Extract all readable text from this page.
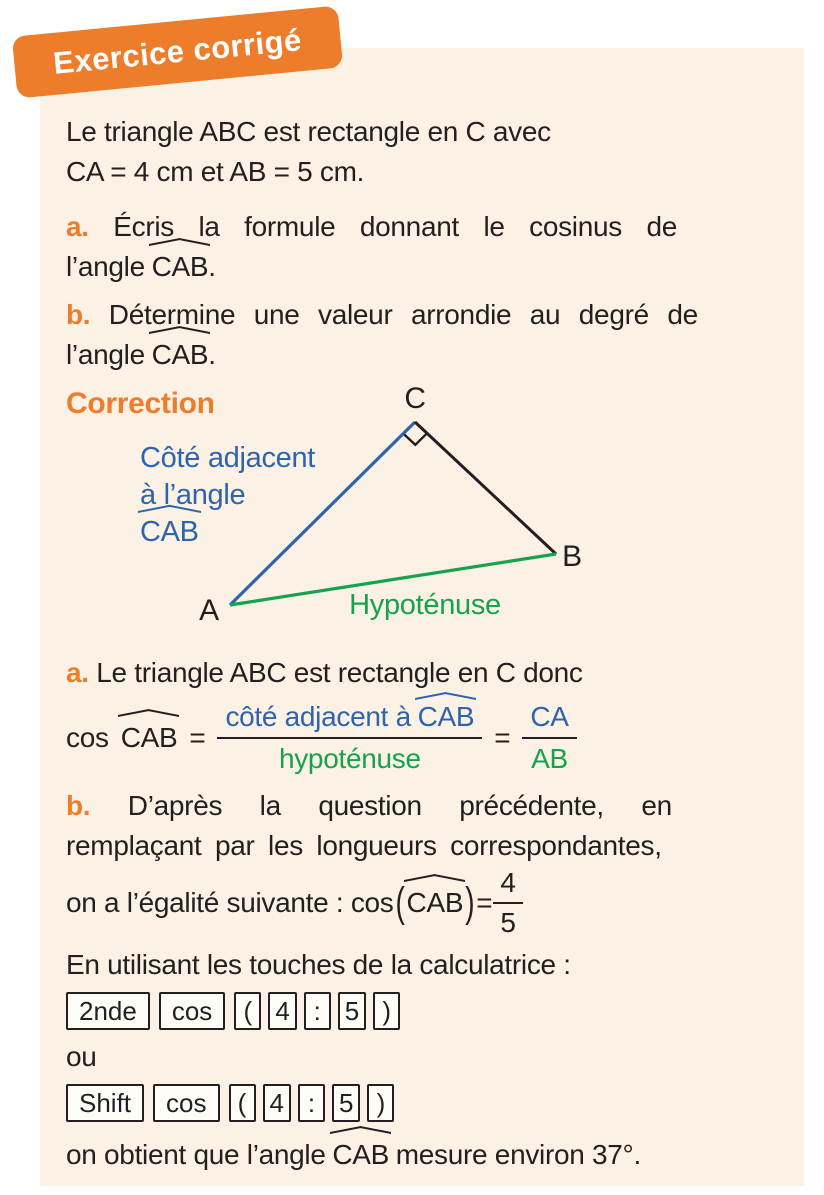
Le triangle ABC est rectangle en C avec
CA = 4 cm et AB = 5 cm.

a. Écris la formule donnant le cosinus de
l’angle CAB.

b. Détermine une valeur arrondie au degré de
l’angle CAB.

Correction	C
B
A
Côté adjacent
à l’angle
CAB
Hypoténuse

a. Le triangle ABC est rectangle en C donc

cos CAB = $\frac{\text{côté adjacent à CAB}}{\text{hypoténuse}} = \frac{CA}{AB}$
b. D’après la question précédente, en
remplaçant par les longueurs correspondantes,
on a l’égalité suivante : cos ( CAB ) = $\frac{4}{5}$

En utilisant les touches de la calculatrice :

2nde	cos	( 4 : 5 )
ou
Shift	cos	( 4 : 5 )

on obtient que l’angle CAB mesure environ 37°.

Exercice corrigé
